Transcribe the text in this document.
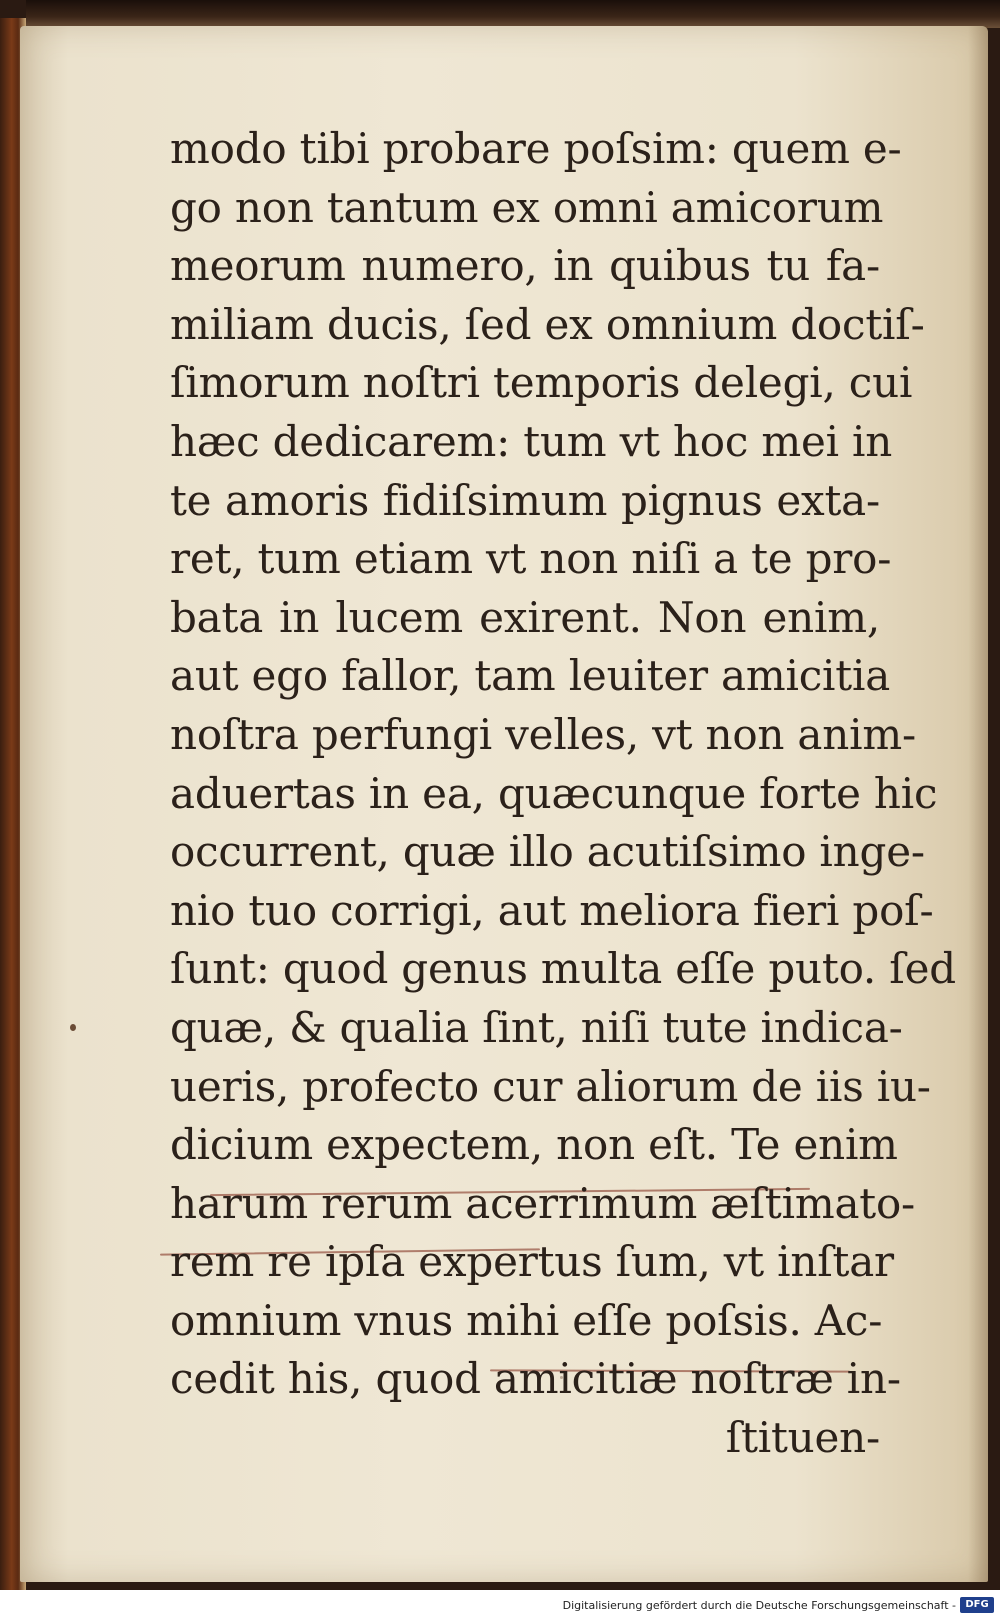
modo tibi probare poſsim: quem e-
go non tantum ex omni amicorum
meorum numero, in quibus tu fa-
miliam ducis, ſed ex omnium doctiſ-
ſimorum noſtri temporis delegi, cui
hæc dedicarem: tum vt hoc mei in
te amoris fidiſsimum pignus exta-
ret, tum etiam vt non niſi a te pro-
bata in lucem exirent. Non enim,
aut ego fallor, tam leuiter amicitia
noſtra perfungi velles, vt non anim-
aduertas in ea, quæcunque forte hic
occurrent, quæ illo acutiſsimo inge-
nio tuo corrigi, aut meliora fieri poſ-
ſunt: quod genus multa eſſe puto. ſed
quæ, & qualia ſint, niſi tute indica-
ueris, profecto cur aliorum de iis iu-
dicium expectem, non eſt. Te enim
harum rerum acerrimum æſtimato-
rem re ipſa expertus ſum, vt inſtar
omnium vnus mihi eſſe poſsis. Ac-
cedit his, quod amicitiæ noſtræ in-
ſtituen-
Digitalisierung gefördert durch die Deutsche Forschungsgemeinschaft - DFG
